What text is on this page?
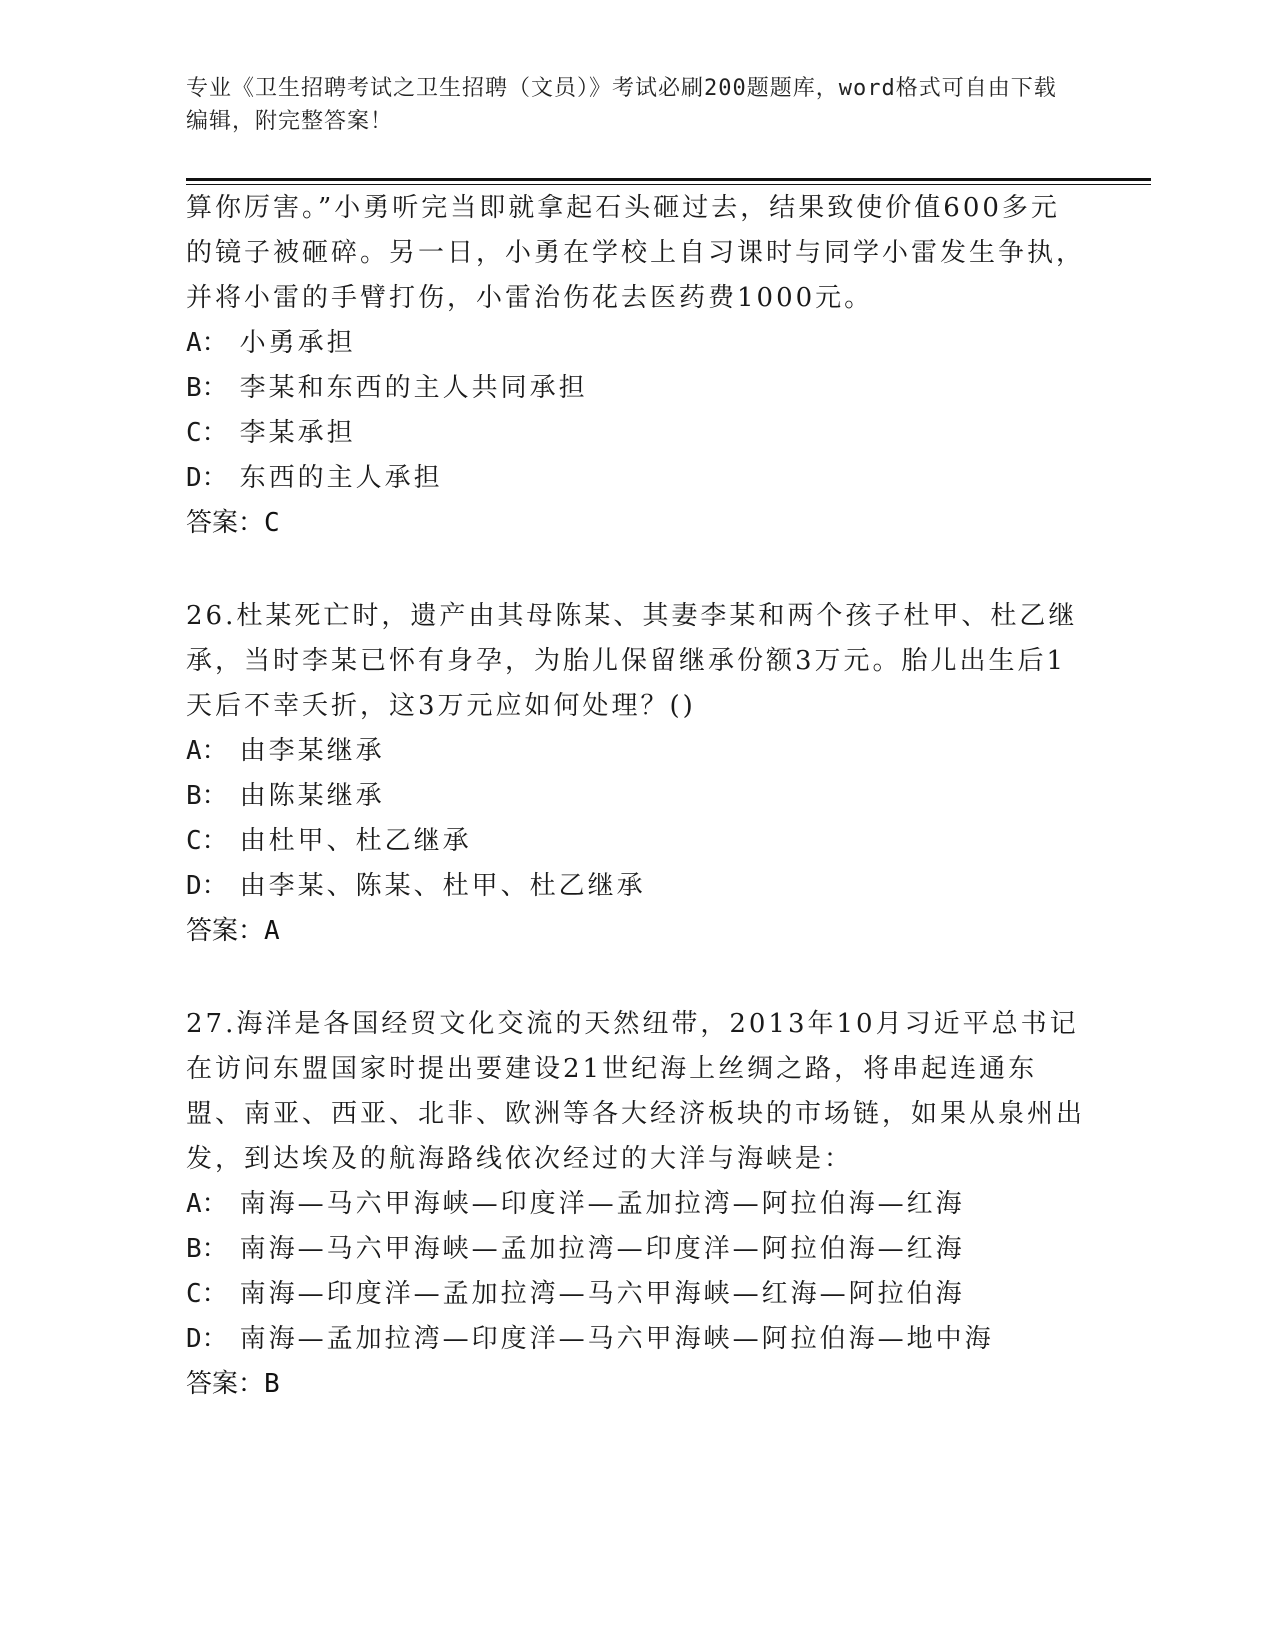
专业《卫生招聘考试之卫生招聘（文员）》考试必刷200题题库，word格式可自由下载编辑，附完整答案！

算你厉害。”小勇听完当即就拿起石头砸过去，结果致使价值600多元的镜子被砸碎。另一日，小勇在学校上自习课时与同学小雷发生争执，并将小雷的手臂打伤，小雷治伤花去医药费1000元。

A： 小勇承担

B： 李某和东西的主人共同承担

C： 李某承担

D： 东西的主人承担

答案：C

26.杜某死亡时，遗产由其母陈某、其妻李某和两个孩子杜甲、杜乙继承，当时李某已怀有身孕，为胎儿保留继承份额3万元。胎儿出生后1天后不幸夭折，这3万元应如何处理？()

A： 由李某继承

B： 由陈某继承

C： 由杜甲、杜乙继承

D： 由李某、陈某、杜甲、杜乙继承

答案：A

27.海洋是各国经贸文化交流的天然纽带，2013年10月习近平总书记在访问东盟国家时提出要建设21世纪海上丝绸之路，将串起连通东盟、南亚、西亚、北非、欧洲等各大经济板块的市场链，如果从泉州出发，到达埃及的航海路线依次经过的大洋与海峡是：

A： 南海—马六甲海峡—印度洋—孟加拉湾—阿拉伯海—红海

B： 南海—马六甲海峡—孟加拉湾—印度洋—阿拉伯海—红海

C： 南海—印度洋—孟加拉湾—马六甲海峡—红海—阿拉伯海

D： 南海—孟加拉湾—印度洋—马六甲海峡—阿拉伯海—地中海

答案：B
